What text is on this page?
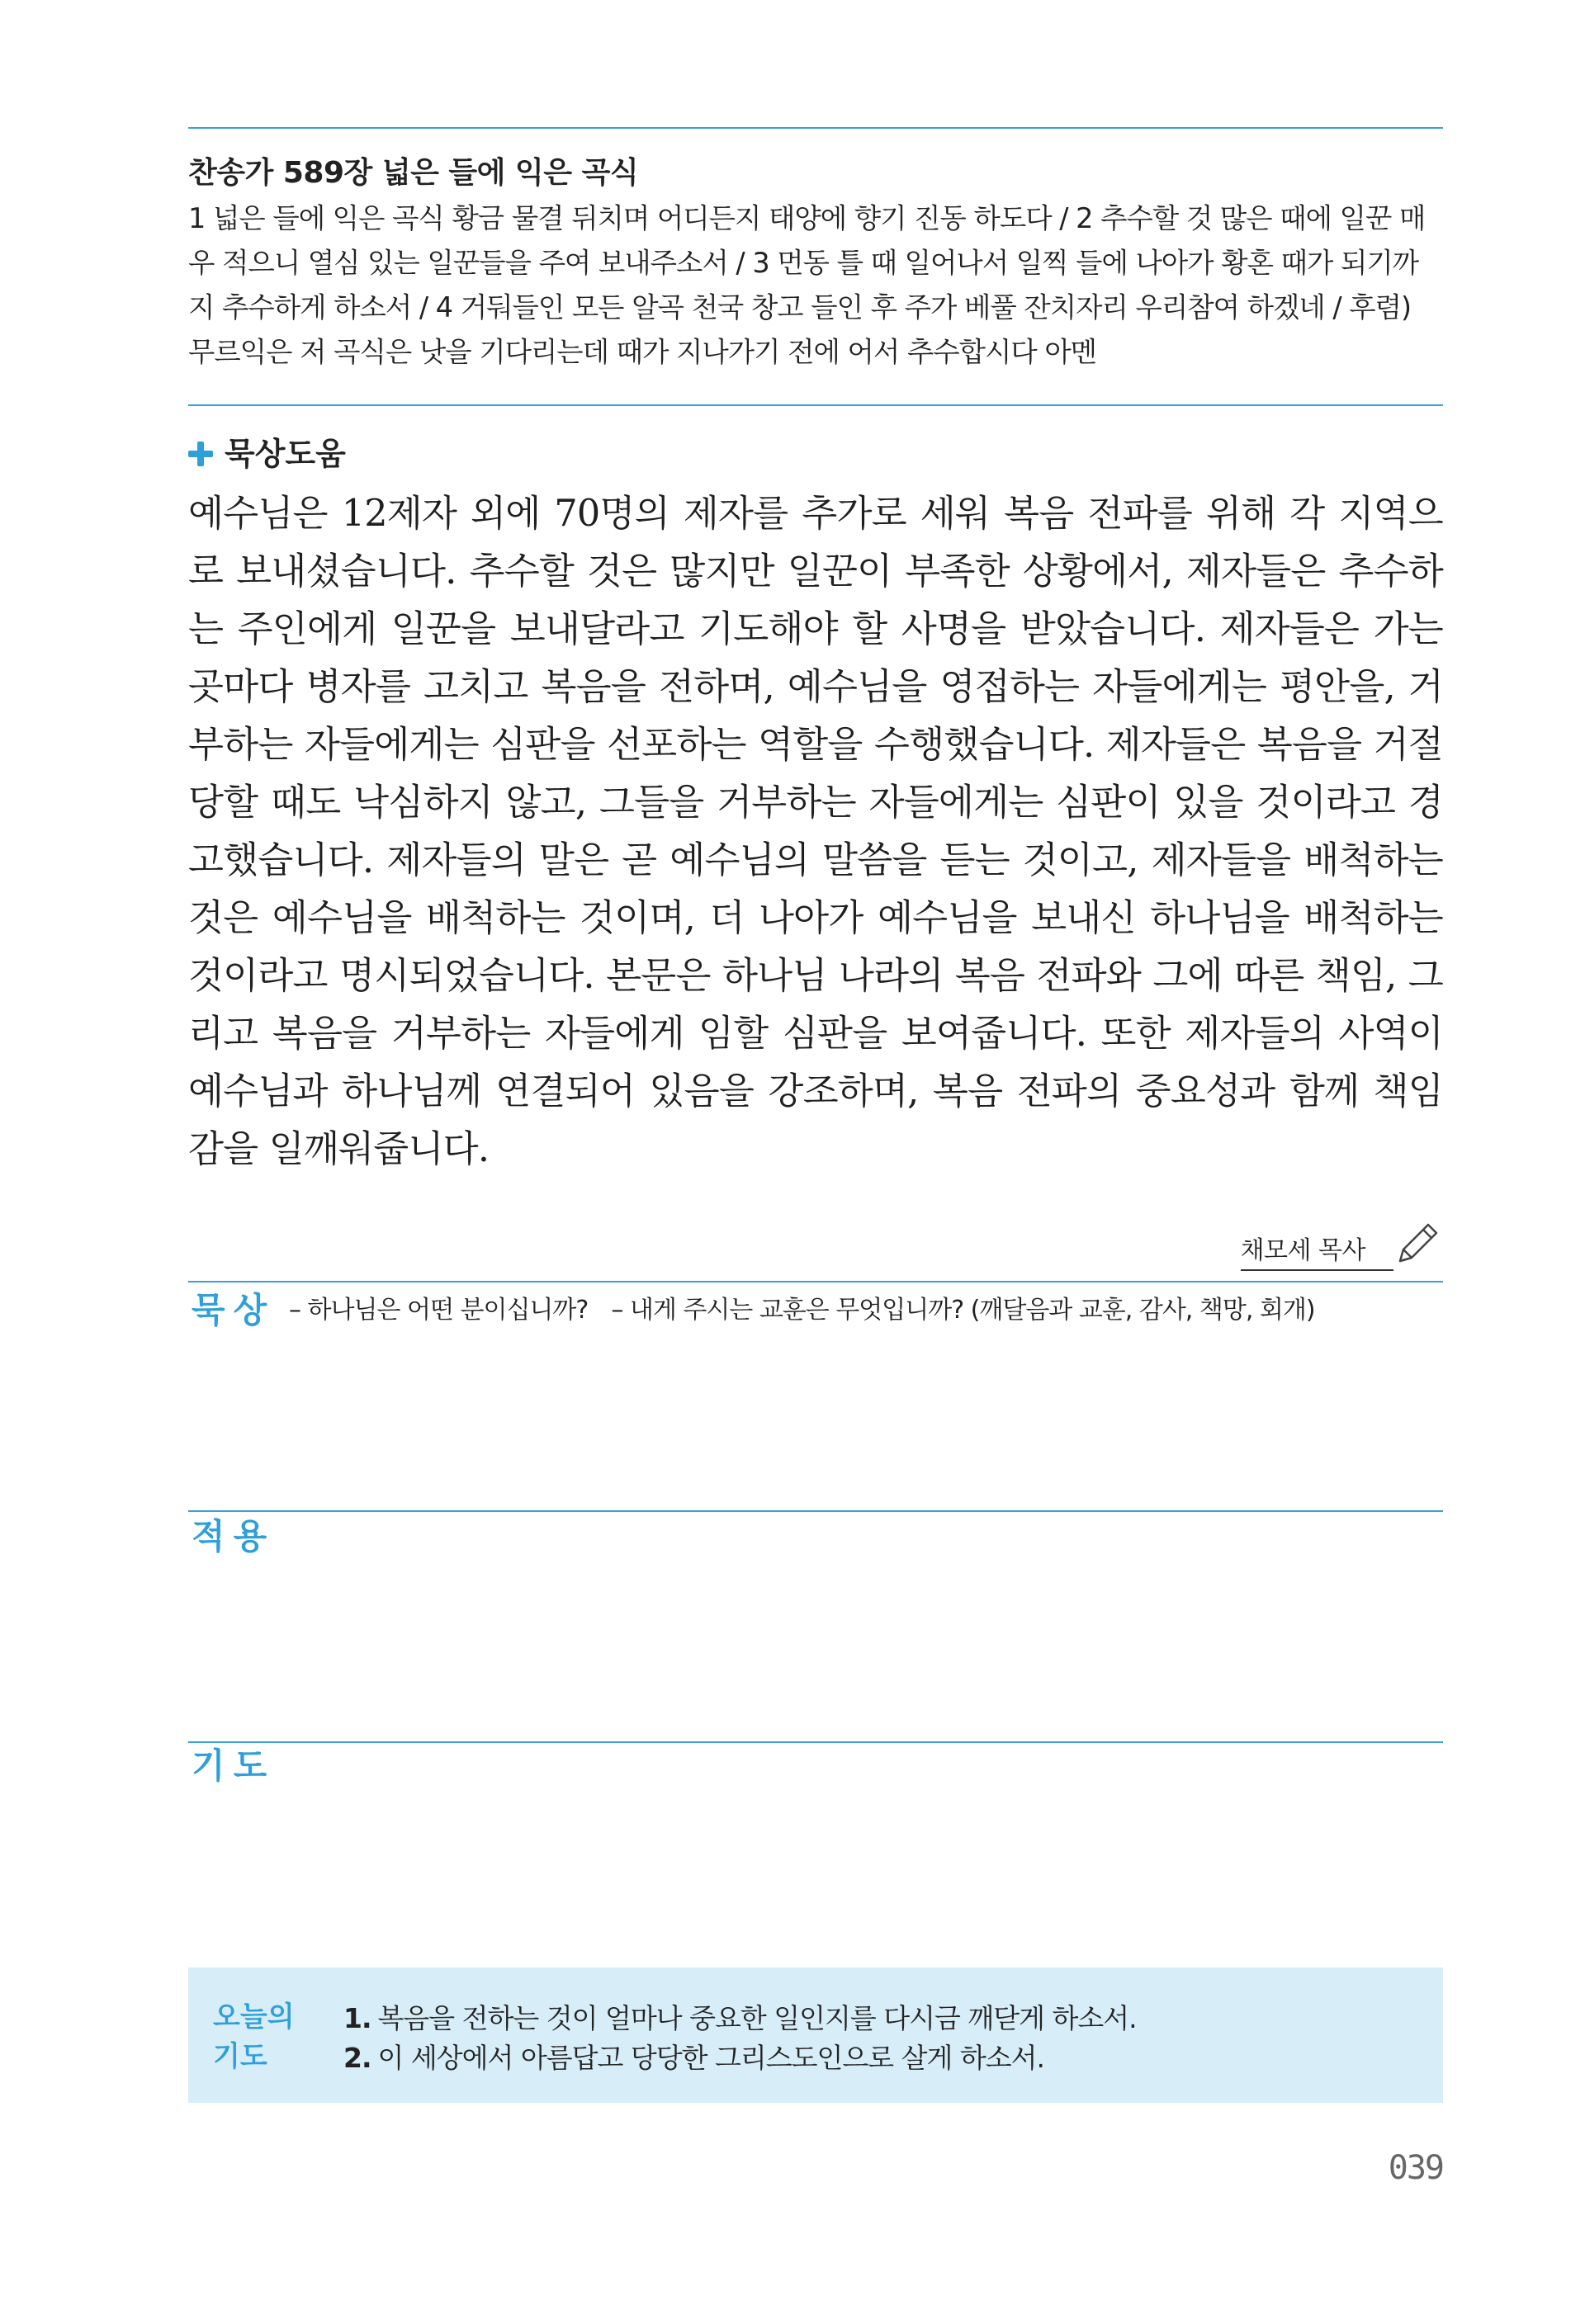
찬송가 589장 넓은 들에 익은 곡식

1 넓은 들에 익은 곡식 황금 물결 뒤치며 어디든지 태양에 향기 진동 하도다 / 2 추수할 것 많은 때에 일꾼 매우 적으니 열심 있는 일꾼들을 주여 보내주소서 / 3 먼동 틀 때 일어나서 일찍 들에 나아가 황혼 때가 되기까지 추수하게 하소서 / 4 거둬들인 모든 알곡 천국 창고 들인 후 주가 베풀 잔치자리 우리참여 하겠네 / 후렴) 무르익은 저 곡식은 낫을 기다리는데 때가 지나가기 전에 어서 추수합시다 아멘

묵상도움

예수님은 12제자 외에 70명의 제자를 추가로 세워 복음 전파를 위해 각 지역으로 보내셨습니다. 추수할 것은 많지만 일꾼이 부족한 상황에서, 제자들은 추수하는 주인에게 일꾼을 보내달라고 기도해야 할 사명을 받았습니다. 제자들은 가는 곳마다 병자를 고치고 복음을 전하며, 예수님을 영접하는 자들에게는 평안을, 거부하는 자들에게는 심판을 선포하는 역할을 수행했습니다. 제자들은 복음을 거절당할 때도 낙심하지 않고, 그들을 거부하는 자들에게는 심판이 있을 것이라고 경고했습니다. 제자들의 말은 곧 예수님의 말씀을 듣는 것이고, 제자들을 배척하는 것은 예수님을 배척하는 것이며, 더 나아가 예수님을 보내신 하나님을 배척하는 것이라고 명시되었습니다. 본문은 하나님 나라의 복음 전파와 그에 따른 책임, 그리고 복음을 거부하는 자들에게 임할 심판을 보여줍니다. 또한 제자들의 사역이 예수님과 하나님께 연결되어 있음을 강조하며, 복음 전파의 중요성과 함께 책임감을 일깨워줍니다.

채모세 목사
묵상 – 하나님은 어떤 분이십니까? – 내게 주시는 교훈은 무엇입니까? (깨달음과 교훈, 감사, 책망, 회개)
적용
기도
오늘의
기도
1. 복음을 전하는 것이 얼마나 중요한 일인지를 다시금 깨닫게 하소서.
2. 이 세상에서 아름답고 당당한 그리스도인으로 살게 하소서.
039
